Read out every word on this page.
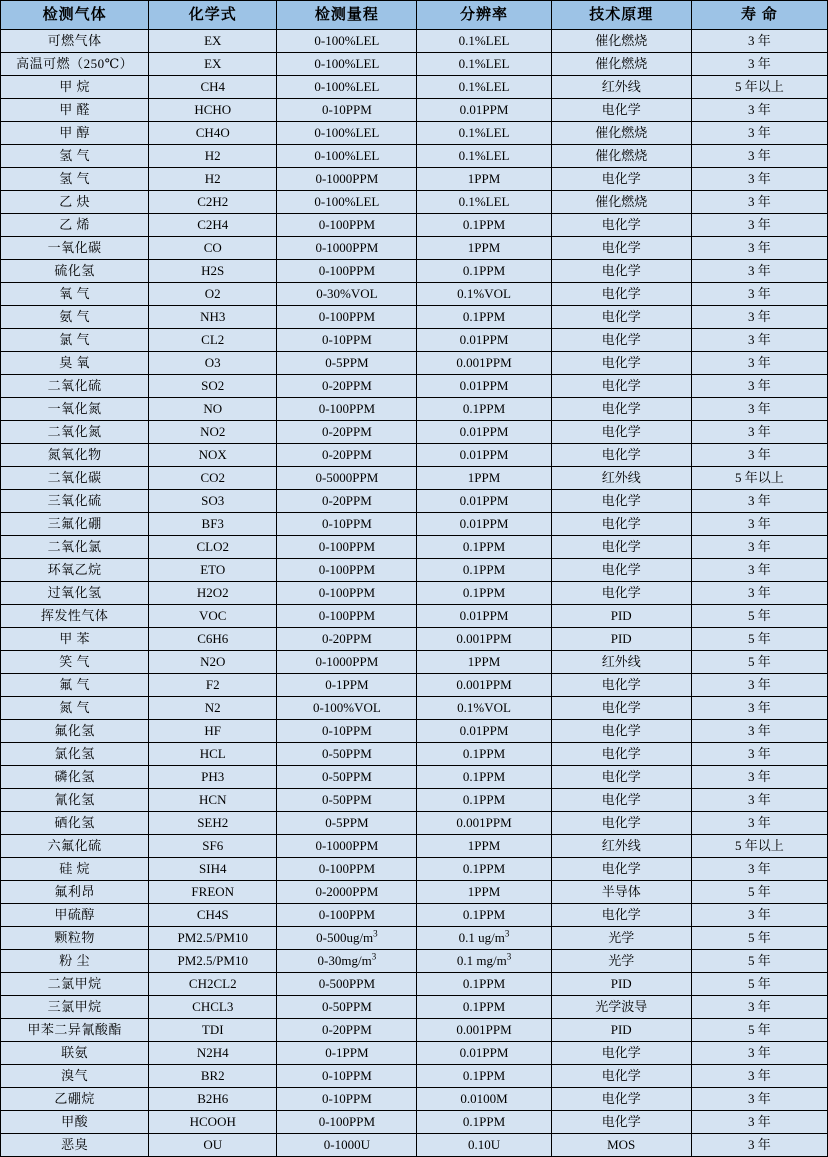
检测气体	化学式	检测量程	分辨率	技术原理	寿 命
可燃气体	EX	0-100%LEL	0.1%LEL	催化燃烧	3 年
高温可燃（250℃）	EX	0-100%LEL	0.1%LEL	催化燃烧	3 年
甲 烷	CH4	0-100%LEL	0.1%LEL	红外线	5 年以上
甲 醛	HCHO	0-10PPM	0.01PPM	电化学	3 年
甲 醇	CH4O	0-100%LEL	0.1%LEL	催化燃烧	3 年
氢 气	H2	0-100%LEL	0.1%LEL	催化燃烧	3 年
氢 气	H2	0-1000PPM	1PPM	电化学	3 年
乙 炔	C2H2	0-100%LEL	0.1%LEL	催化燃烧	3 年
乙 烯	C2H4	0-100PPM	0.1PPM	电化学	3 年
一氧化碳	CO	0-1000PPM	1PPM	电化学	3 年
硫化氢	H2S	0-100PPM	0.1PPM	电化学	3 年
氧 气	O2	0-30%VOL	0.1%VOL	电化学	3 年
氨 气	NH3	0-100PPM	0.1PPM	电化学	3 年
氯 气	CL2	0-10PPM	0.01PPM	电化学	3 年
臭 氧	O3	0-5PPM	0.001PPM	电化学	3 年
二氧化硫	SO2	0-20PPM	0.01PPM	电化学	3 年
一氧化氮	NO	0-100PPM	0.1PPM	电化学	3 年
二氧化氮	NO2	0-20PPM	0.01PPM	电化学	3 年
氮氧化物	NOX	0-20PPM	0.01PPM	电化学	3 年
二氧化碳	CO2	0-5000PPM	1PPM	红外线	5 年以上
三氧化硫	SO3	0-20PPM	0.01PPM	电化学	3 年
三氟化硼	BF3	0-10PPM	0.01PPM	电化学	3 年
二氧化氯	CLO2	0-100PPM	0.1PPM	电化学	3 年
环氧乙烷	ETO	0-100PPM	0.1PPM	电化学	3 年
过氧化氢	H2O2	0-100PPM	0.1PPM	电化学	3 年
挥发性气体	VOC	0-100PPM	0.01PPM	PID	5 年
甲 苯	C6H6	0-20PPM	0.001PPM	PID	5 年
笑 气	N2O	0-1000PPM	1PPM	红外线	5 年
氟 气	F2	0-1PPM	0.001PPM	电化学	3 年
氮 气	N2	0-100%VOL	0.1%VOL	电化学	3 年
氟化氢	HF	0-10PPM	0.01PPM	电化学	3 年
氯化氢	HCL	0-50PPM	0.1PPM	电化学	3 年
磷化氢	PH3	0-50PPM	0.1PPM	电化学	3 年
氰化氢	HCN	0-50PPM	0.1PPM	电化学	3 年
硒化氢	SEH2	0-5PPM	0.001PPM	电化学	3 年
六氟化硫	SF6	0-1000PPM	1PPM	红外线	5 年以上
硅 烷	SIH4	0-100PPM	0.1PPM	电化学	3 年
氟利昂	FREON	0-2000PPM	1PPM	半导体	5 年
甲硫醇	CH4S	0-100PPM	0.1PPM	电化学	3 年
颗粒物	PM2.5/PM10	$0-500ug/m^3$	0.1 $ug/m^3$	光学	5 年
粉 尘	PM2.5/PM10	$0-30mg/m^3$	0.1 $mg/m^3$	光学	5 年
二氯甲烷	CH2CL2	0-500PPM	0.1PPM	PID	5 年
三氯甲烷	CHCL3	0-50PPM	0.1PPM	光学波导	3 年
甲苯二异氰酸酯	TDI	0-20PPM	0.001PPM	PID	5 年
联氨	N2H4	0-1PPM	0.01PPM	电化学	3 年
溴气	BR2	0-10PPM	0.1PPM	电化学	3 年
乙硼烷	B2H6	0-10PPM	0.0100M	电化学	3 年
甲酸	HCOOH	0-100PPM	0.1PPM	电化学	3 年
恶臭	OU	0-1000U	0.10U	MOS	3 年
